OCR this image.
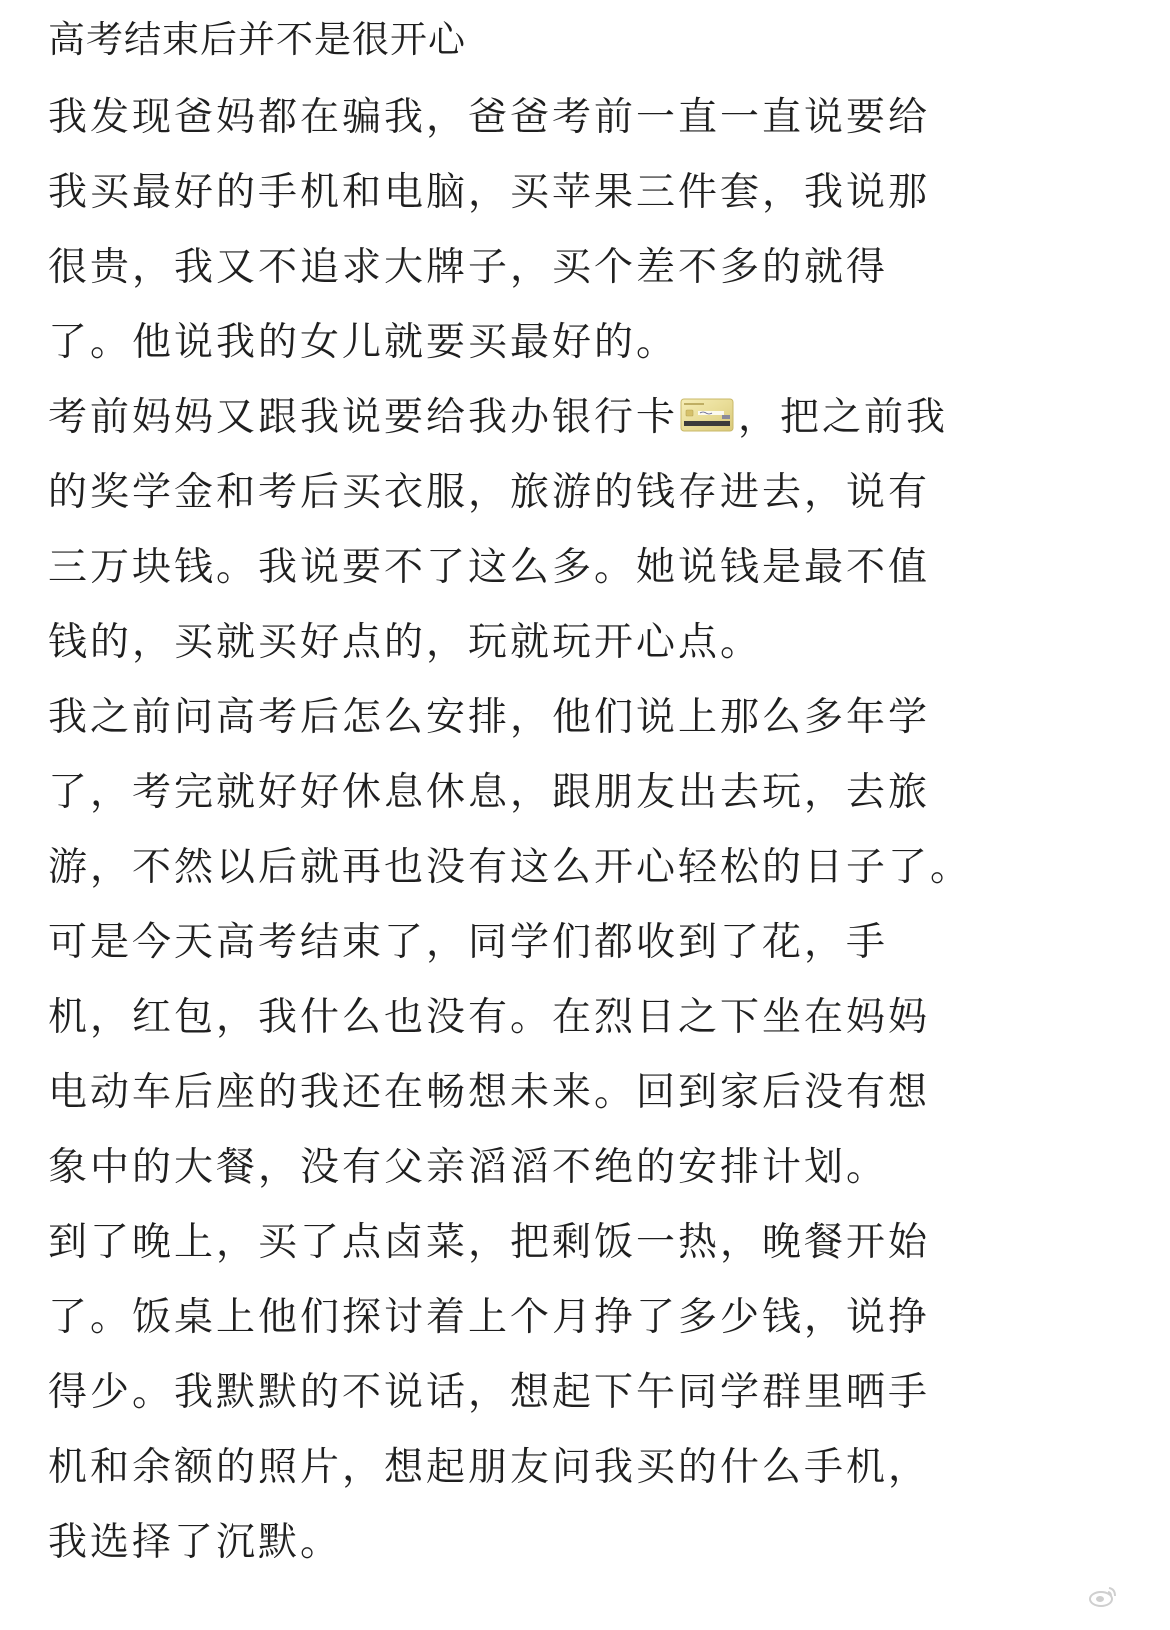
高考结束后并不是很开心
我发现爸妈都在骗我，爸爸考前一直一直说要给
我买最好的手机和电脑，买苹果三件套，我说那
很贵，我又不追求大牌子，买个差不多的就得
了。他说我的女儿就要买最好的。
考前妈妈又跟我说要给我办银行卡 ，把之前我
的奖学金和考后买衣服，旅游的钱存进去，说有
三万块钱。我说要不了这么多。她说钱是最不值
钱的，买就买好点的，玩就玩开心点。
我之前问高考后怎么安排，他们说上那么多年学
了，考完就好好休息休息，跟朋友出去玩，去旅
游，不然以后就再也没有这么开心轻松的日子了。
可是今天高考结束了，同学们都收到了花，手
机，红包，我什么也没有。在烈日之下坐在妈妈
电动车后座的我还在畅想未来。回到家后没有想
象中的大餐，没有父亲滔滔不绝的安排计划。
到了晚上，买了点卤菜，把剩饭一热，晚餐开始
了。饭桌上他们探讨着上个月挣了多少钱，说挣
得少。我默默的不说话，想起下午同学群里晒手
机和余额的照片，想起朋友问我买的什么手机，
我选择了沉默。
